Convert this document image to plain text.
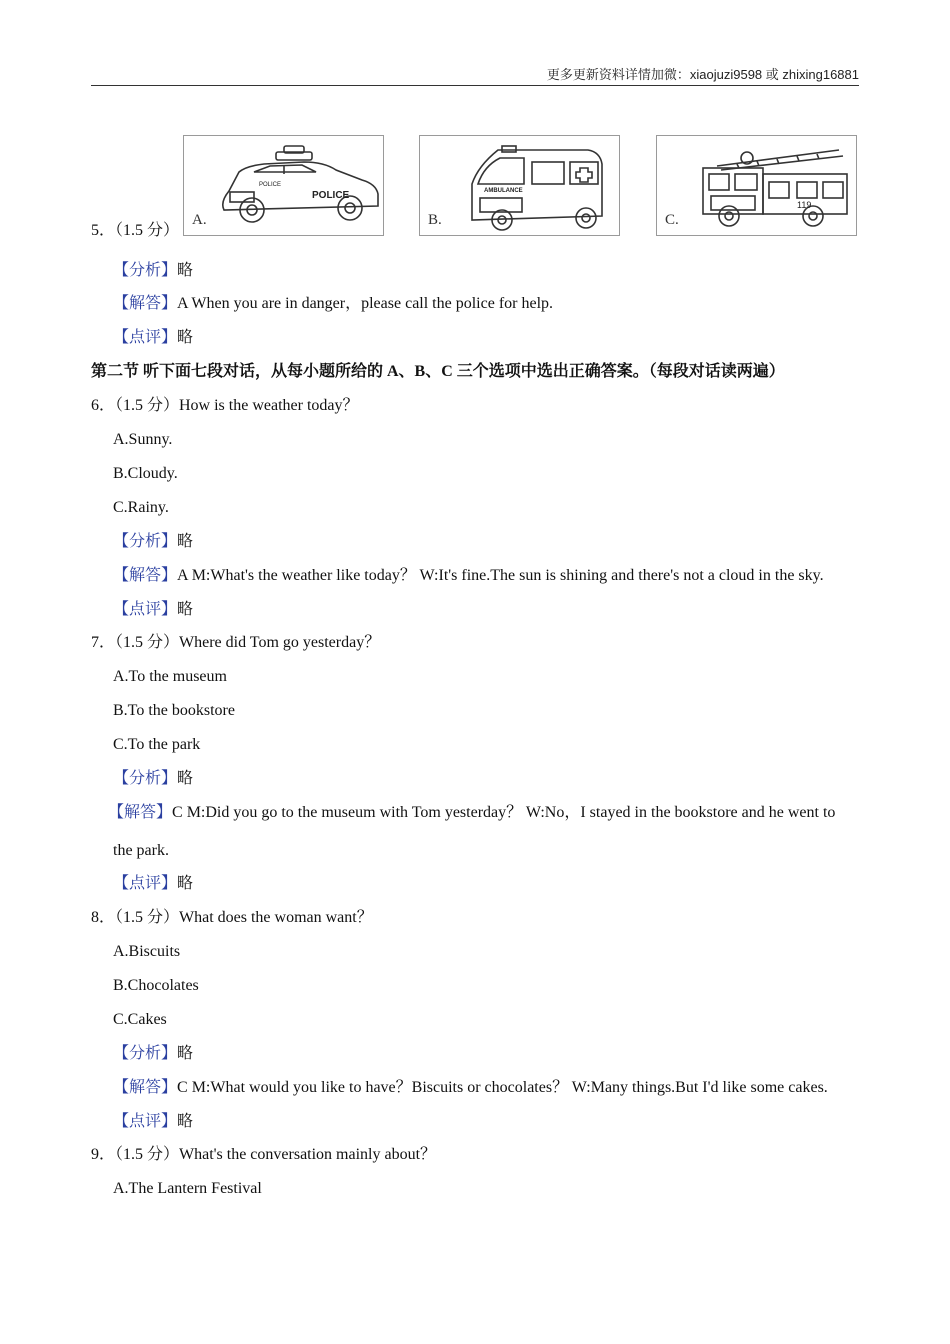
更多更新资料详情加微：xiaojuzi9598 或 zhixing16881
5．（1.5 分）
POLICE
POLICE
A.
AMBULANCE
B.
119
C.
【分析】略
【解答】A When you are in danger，please call the police for help.
【点评】略
第二节 听下面七段对话，从每小题所给的 A、B、C 三个选项中选出正确答案。（每段对话读两遍）
6．（1.5 分）How is the weather today？
A.Sunny.
B.Cloudy.
C.Rainy.
【分析】略
【解答】A M:What's the weather like today？ W:It's fine.The sun is shining and there's not a cloud in the sky.
【点评】略
7．（1.5 分）Where did Tom go yesterday？
A.To the museum
B.To the bookstore
C.To the park
【分析】略
【解答】C M:Did you go to the museum with Tom yesterday？ W:No，I stayed in the bookstore and he went to
the park.
【点评】略
8．（1.5 分）What does the woman want？
A.Biscuits
B.Chocolates
C.Cakes
【分析】略
【解答】C M:What would you like to have？Biscuits or chocolates？ W:Many things.But I'd like some cakes.
【点评】略
9．（1.5 分）What's the conversation mainly about？
A.The Lantern Festival
